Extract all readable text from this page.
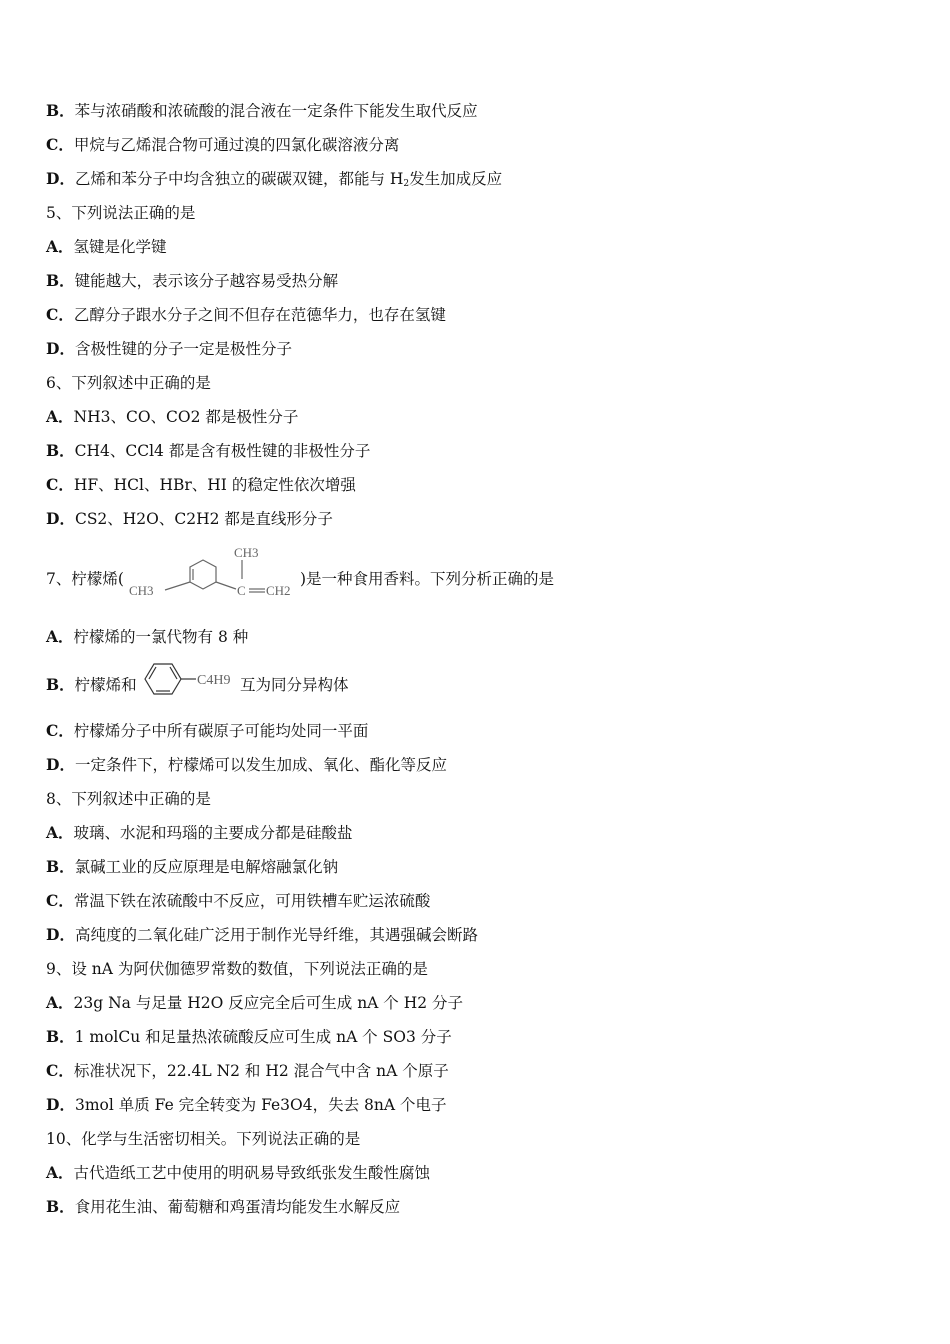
B．苯与浓硝酸和浓硫酸的混合液在一定条件下能发生取代反应
C．甲烷与乙烯混合物可通过溴的四氯化碳溶液分离
D．乙烯和苯分子中均含独立的碳碳双键，都能与 $H_2$发生加成反应
5、下列说法正确的是
A．氢键是化学键
B．键能越大，表示该分子越容易受热分解
C．乙醇分子跟水分子之间不但存在范德华力，也存在氢键
D．含极性键的分子一定是极性分子
6、下列叙述中正确的是
A．NH3、CO、CO2 都是极性分子
B．CH4、CCl4 都是含有极性键的非极性分子
C．HF、HCl、HBr、HI 的稳定性依次增强
D．CS2、H2O、C2H2 都是直线形分子
7、柠檬烯(
CH3
CH3	C CH2
)是一种食用香料。下列分析正确的是
A．柠檬烯的一氯代物有 8 种
B．柠檬烯和	C4H9 互为同分异构体
C．柠檬烯分子中所有碳原子可能均处同一平面
D．一定条件下，柠檬烯可以发生加成、氧化、酯化等反应
8、下列叙述中正确的是
A．玻璃、水泥和玛瑙的主要成分都是硅酸盐
B．氯碱工业的反应原理是电解熔融氯化钠
C．常温下铁在浓硫酸中不反应，可用铁槽车贮运浓硫酸
D．高纯度的二氧化硅广泛用于制作光导纤维，其遇强碱会断路
9、设 nA 为阿伏伽德罗常数的数值，下列说法正确的是
A．23g Na 与足量 H2O 反应完全后可生成 nA 个 H2 分子
B．1 molCu 和足量热浓硫酸反应可生成 nA 个 SO3 分子
C．标准状况下，22.4L N2 和 H2 混合气中含 nA 个原子
D．3mol 单质 Fe 完全转变为 Fe3O4，失去 8nA 个电子
10、化学与生活密切相关。下列说法正确的是
A．古代造纸工艺中使用的明矾易导致纸张发生酸性腐蚀
B．食用花生油、葡萄糖和鸡蛋清均能发生水解反应
